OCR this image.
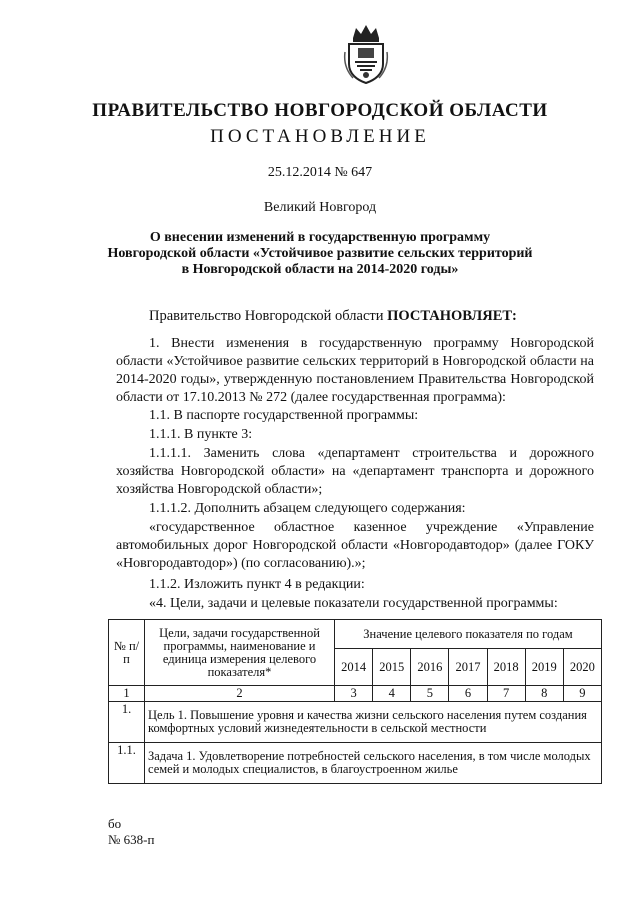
ПРАВИТЕЛЬСТВО НОВГОРОДСКОЙ ОБЛАСТИ
ПОСТАНОВЛЕНИЕ
25.12.2014 № 647
Великий Новгород
О внесении изменений в государственную программу
Новгородской области «Устойчивое развитие сельских территорий
в Новгородской области на 2014-2020 годы»
Правительство Новгородской области ПОСТАНОВЛЯЕТ:

1. Внести изменения в государственную программу Новгородской области «Устойчивое развитие сельских территорий в Новгородской области на 2014-2020 годы», утвержденную постановлением Правительства Новгородской области от 17.10.2013 № 272 (далее государственная программа):

1.1. В паспорте государственной программы:

1.1.1. В пункте 3:

1.1.1.1. Заменить слова «департамент строительства и дорожного хозяйства Новгородской области» на «департамент транспорта и дорожного хозяйства Новгородской области»;

1.1.1.2. Дополнить абзацем следующего содержания:

«государственное областное казенное учреждение «Управление автомобильных дорог Новгородской области «Новгородавтодор» (далее ГОКУ «Новгородавтодор») (по согласованию).»;

1.1.2. Изложить пункт 4 в редакции:

«4. Цели, задачи и целевые показатели государственной программы:

№ п/п	Цели, задачи государственной программы, наименование и единица измерения целевого показателя*	Значение целевого показателя по годам						
		2014	2015	2016	2017	2018	2019	2020
1	2	3	4	5	6	7	8	9
1.	Цель 1. Повышение уровня и качества жизни сельского населения путем создания комфортных условий жизнедеятельности в сельской местности							
1.1.	Задача 1. Удовлетворение потребностей сельского населения, в том числе молодых семей и молодых специалистов, в благоустроенном жилье							
бо
№ 638-п
